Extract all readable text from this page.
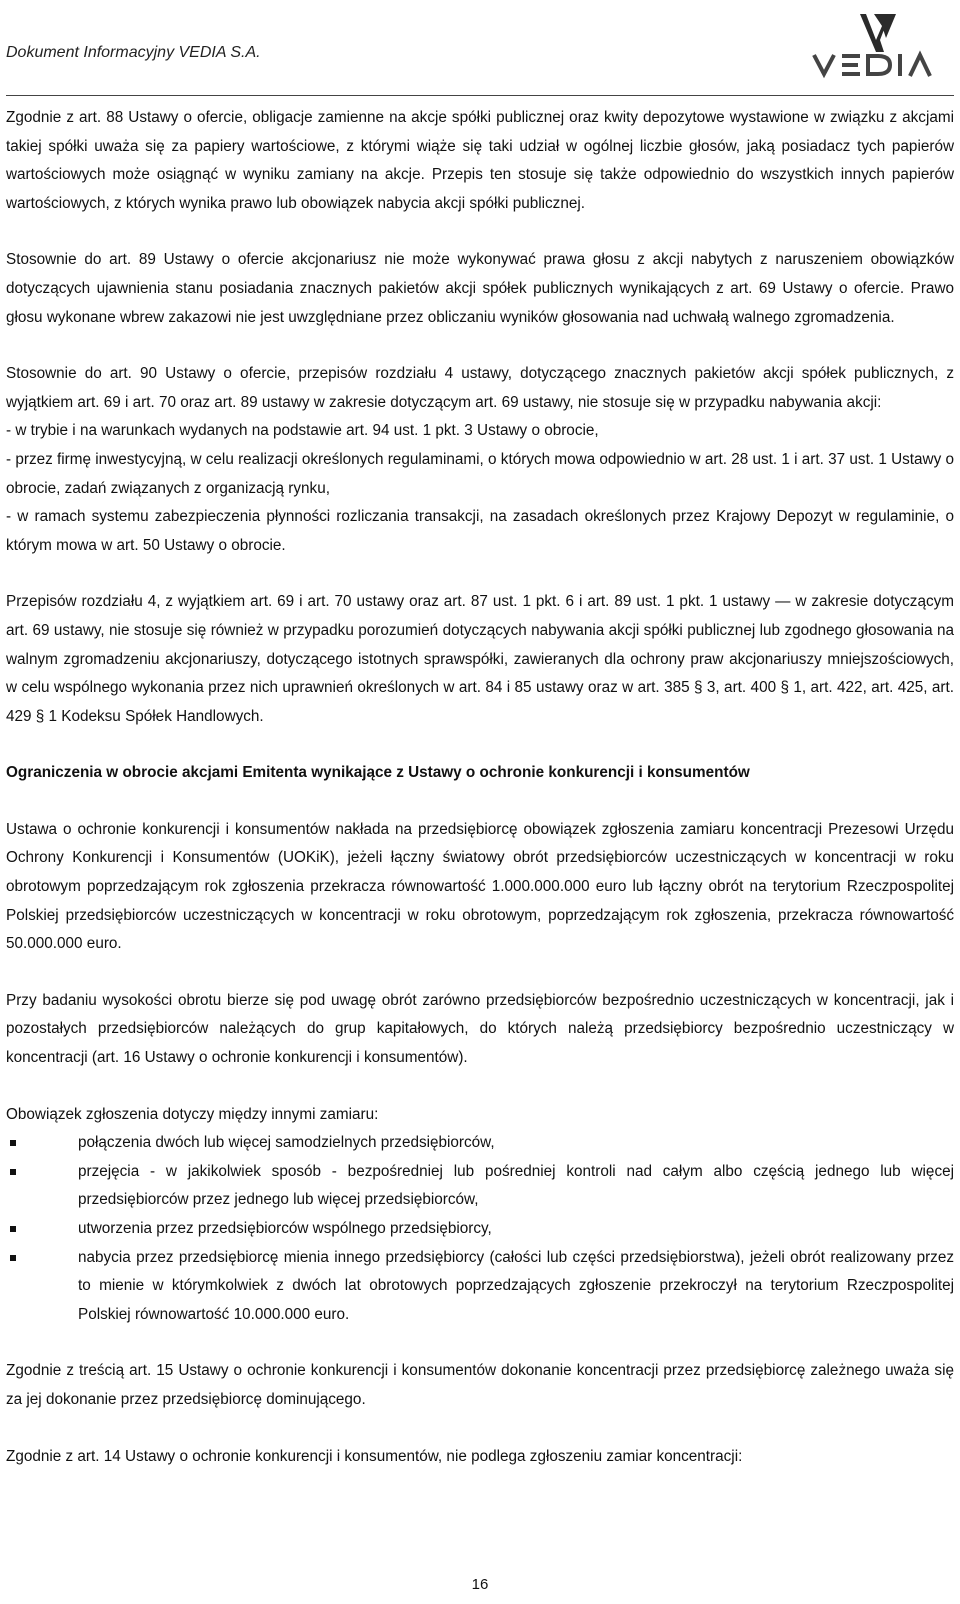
Dokument Informacyjny VEDIA S.A.

Zgodnie z art. 88 Ustawy o ofercie, obligacje zamienne na akcje spółki publicznej oraz kwity depozytowe wystawione w związku z akcjami takiej spółki uważa się za papiery wartościowe, z którymi wiąże się taki udział w ogólnej liczbie głosów, jaką posiadacz tych papierów wartościowych może osiągnąć w wyniku zamiany na akcje. Przepis ten stosuje się także odpowiednio do wszystkich innych papierów wartościowych, z których wynika prawo lub obowiązek nabycia akcji spółki publicznej.

Stosownie do art. 89 Ustawy o ofercie akcjonariusz nie może wykonywać prawa głosu z akcji nabytych z naruszeniem obowiązków dotyczących ujawnienia stanu posiadania znacznych pakietów akcji spółek publicznych wynikających z art. 69 Ustawy o ofercie. Prawo głosu wykonane wbrew zakazowi nie jest uwzględniane przez obliczaniu wyników głosowania nad uchwałą walnego zgromadzenia.

Stosownie do art. 90 Ustawy o ofercie, przepisów rozdziału 4 ustawy, dotyczącego znacznych pakietów akcji spółek publicznych, z wyjątkiem art. 69 i art. 70 oraz art. 89 ustawy w zakresie dotyczącym art. 69 ustawy, nie stosuje się w przypadku nabywania akcji:

- w trybie i na warunkach wydanych na podstawie art. 94 ust. 1 pkt. 3 Ustawy o obrocie,

- przez firmę inwestycyjną, w celu realizacji określonych regulaminami, o których mowa odpowiednio w art. 28 ust. 1 i art. 37 ust. 1 Ustawy o obrocie, zadań związanych z organizacją rynku,

- w ramach systemu zabezpieczenia płynności rozliczania transakcji, na zasadach określonych przez Krajowy Depozyt w regulaminie, o którym mowa w art. 50 Ustawy o obrocie.

Przepisów rozdziału 4, z wyjątkiem art. 69 i art. 70 ustawy oraz art. 87 ust. 1 pkt. 6 i art. 89 ust. 1 pkt. 1 ustawy — w zakresie dotyczącym art. 69 ustawy, nie stosuje się również w przypadku porozumień dotyczących nabywania akcji spółki publicznej lub zgodnego głosowania na walnym zgromadzeniu akcjonariuszy, dotyczącego istotnych sprawspółki, zawieranych dla ochrony praw akcjonariuszy mniejszościowych, w celu wspólnego wykonania przez nich uprawnień określonych w art. 84 i 85 ustawy oraz w art. 385 § 3, art. 400 § 1, art. 422, art. 425, art. 429 § 1 Kodeksu Spółek Handlowych.

Ograniczenia w obrocie akcjami Emitenta wynikające z Ustawy o ochronie konkurencji i konsumentów

Ustawa o ochronie konkurencji i konsumentów nakłada na przedsiębiorcę obowiązek zgłoszenia zamiaru koncentracji Prezesowi Urzędu Ochrony Konkurencji i Konsumentów (UOKiK), jeżeli łączny światowy obrót przedsiębiorców uczestniczących w koncentracji w roku obrotowym poprzedzającym rok zgłoszenia przekracza równowartość 1.000.000.000 euro lub łączny obrót na terytorium Rzeczpospolitej Polskiej przedsiębiorców uczestniczących w koncentracji w roku obrotowym, poprzedzającym rok zgłoszenia, przekracza równowartość 50.000.000 euro.

Przy badaniu wysokości obrotu bierze się pod uwagę obrót zarówno przedsiębiorców bezpośrednio uczestniczących w koncentracji, jak i pozostałych przedsiębiorców należących do grup kapitałowych, do których należą przedsiębiorcy bezpośrednio uczestniczący w koncentracji (art. 16 Ustawy o ochronie konkurencji i konsumentów).

Obowiązek zgłoszenia dotyczy między innymi zamiaru:

połączenia dwóch lub więcej samodzielnych przedsiębiorców,
przejęcia - w jakikolwiek sposób - bezpośredniej lub pośredniej kontroli nad całym albo częścią jednego lub więcej przedsiębiorców przez jednego lub więcej przedsiębiorców,
utworzenia przez przedsiębiorców wspólnego przedsiębiorcy,
nabycia przez przedsiębiorcę mienia innego przedsiębiorcy (całości lub części przedsiębiorstwa), jeżeli obrót realizowany przez to mienie w którymkolwiek z dwóch lat obrotowych poprzedzających zgłoszenie przekroczył na terytorium Rzeczpospolitej Polskiej równowartość 10.000.000 euro.

Zgodnie z treścią art. 15 Ustawy o ochronie konkurencji i konsumentów dokonanie koncentracji przez przedsiębiorcę zależnego uważa się za jej dokonanie przez przedsiębiorcę dominującego.

Zgodnie z art. 14 Ustawy o ochronie konkurencji i konsumentów, nie podlega zgłoszeniu zamiar koncentracji:

16
